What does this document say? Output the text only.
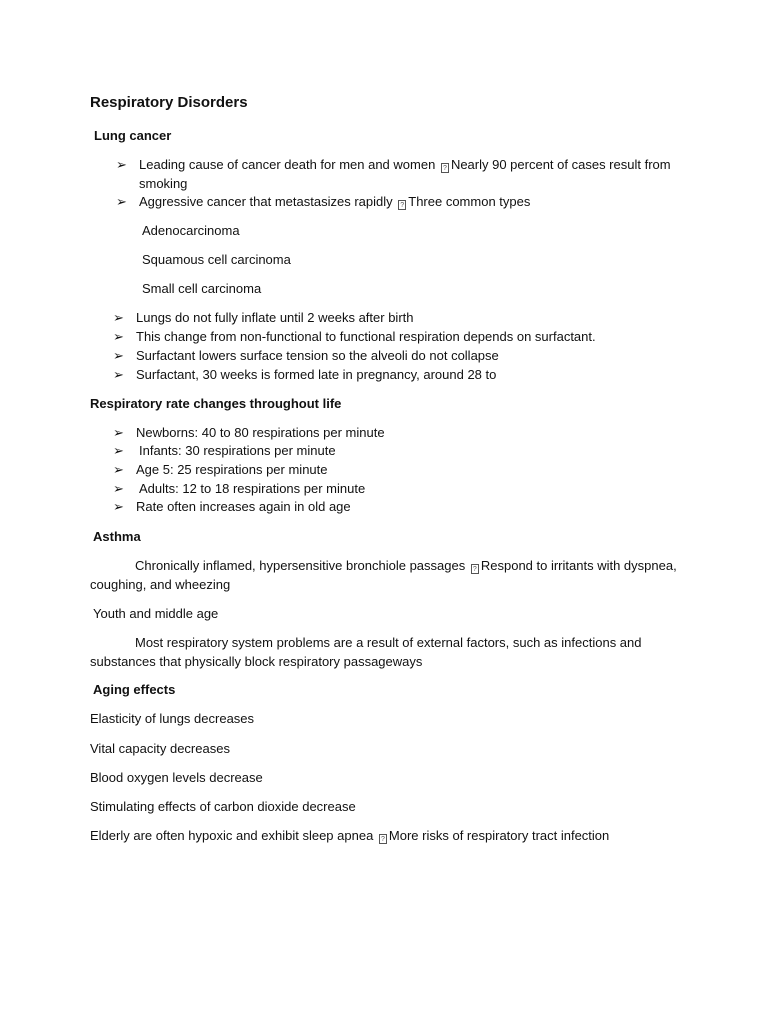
Respiratory Disorders
Lung cancer
➢ Leading cause of cancer death for men and women ? Nearly 90 percent of cases result from
smoking
➢ Aggressive cancer that metastasizes rapidly ? Three common types
Adenocarcinoma
Squamous cell carcinoma
Small cell carcinoma
➢ Lungs do not fully inflate until 2 weeks after birth
➢ This change from non-functional to functional respiration depends on surfactant.
➢ Surfactant lowers surface tension so the alveoli do not collapse
➢ Surfactant, 30 weeks is formed late in pregnancy, around 28 to
Respiratory rate changes throughout life
➢ Newborns: 40 to 80 respirations per minute
➢ Infants: 30 respirations per minute
➢ Age 5: 25 respirations per minute
➢ Adults: 12 to 18 respirations per minute
➢ Rate often increases again in old age
Asthma
Chronically inflamed, hypersensitive bronchiole passages ? Respond to irritants with dyspnea,
coughing, and wheezing
Youth and middle age
Most respiratory system problems are a result of external factors, such as infections and
substances that physically block respiratory passageways
Aging effects
Elasticity of lungs decreases
Vital capacity decreases
Blood oxygen levels decrease
Stimulating effects of carbon dioxide decrease
Elderly are often hypoxic and exhibit sleep apnea ? More risks of respiratory tract infection
